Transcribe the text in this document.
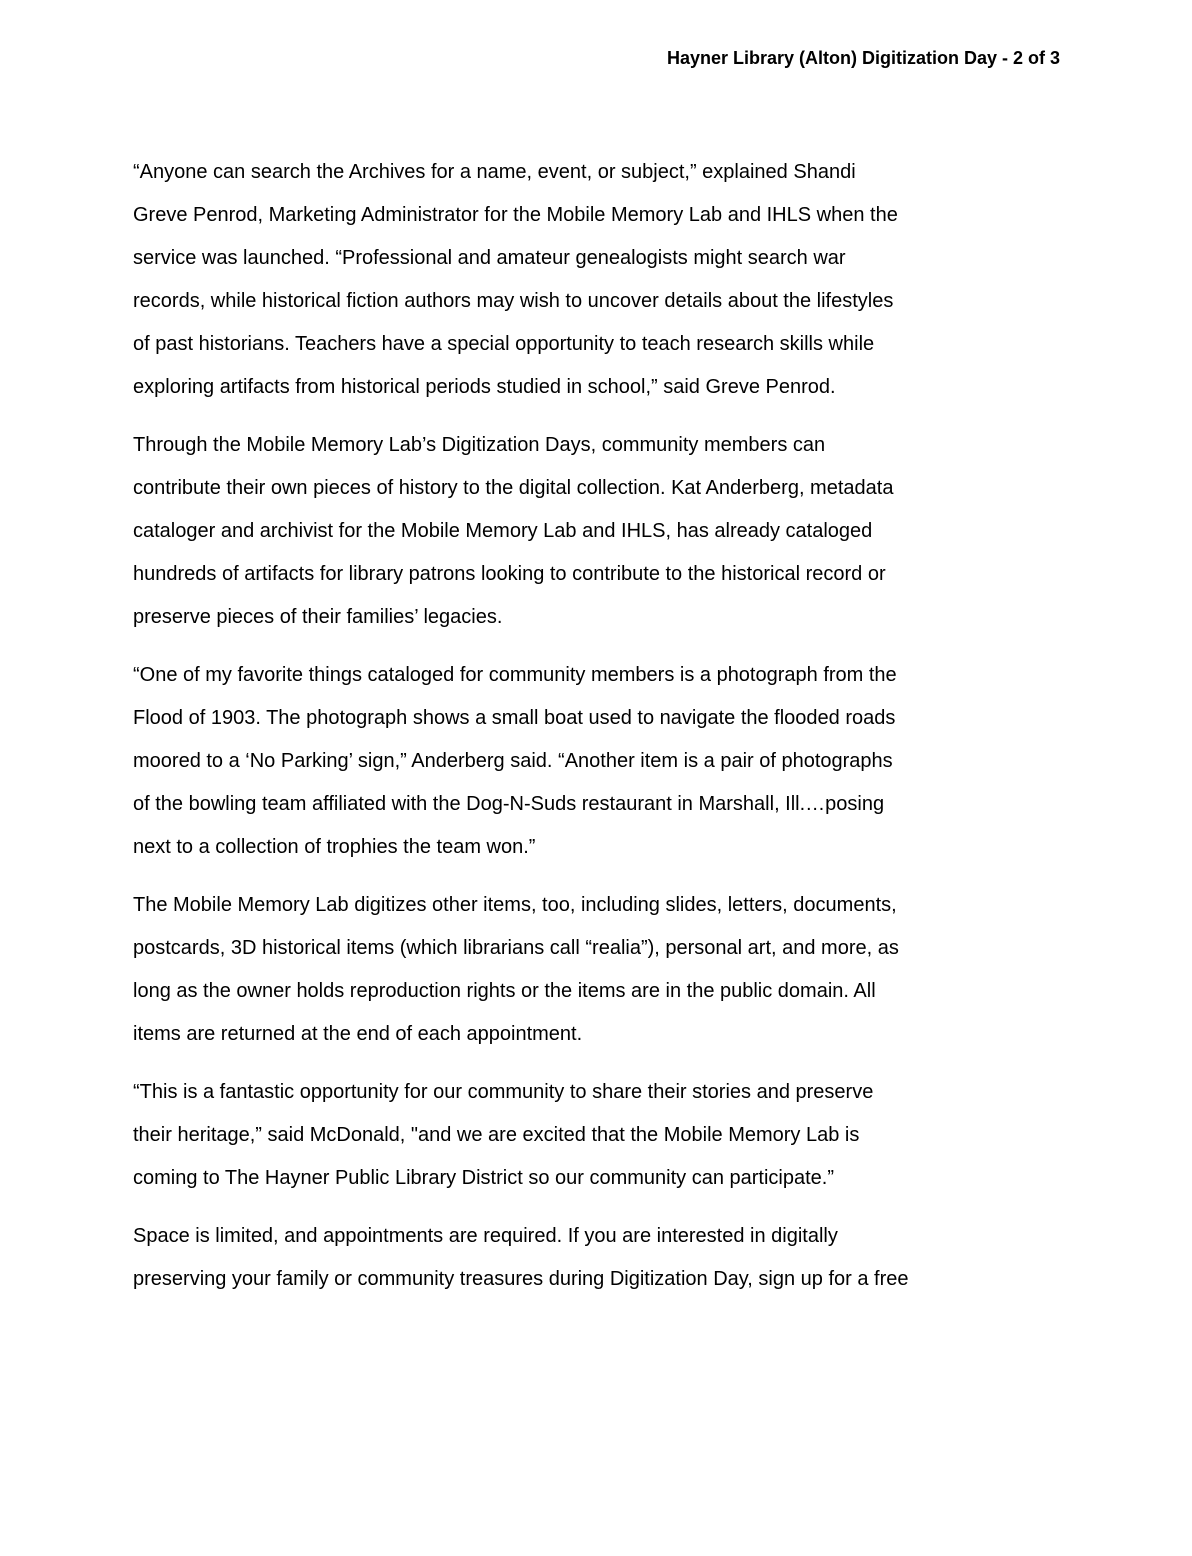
Hayner Library (Alton) Digitization Day - 2 of 3

“Anyone can search the Archives for a name, event, or subject,” explained Shandi
Greve Penrod, Marketing Administrator for the Mobile Memory Lab and IHLS when the
service was launched. “Professional and amateur genealogists might search war
records, while historical fiction authors may wish to uncover details about the lifestyles
of past historians. Teachers have a special opportunity to teach research skills while
exploring artifacts from historical periods studied in school,” said Greve Penrod.

Through the Mobile Memory Lab’s Digitization Days, community members can
contribute their own pieces of history to the digital collection. Kat Anderberg, metadata
cataloger and archivist for the Mobile Memory Lab and IHLS, has already cataloged
hundreds of artifacts for library patrons looking to contribute to the historical record or
preserve pieces of their families’ legacies.

“One of my favorite things cataloged for community members is a photograph from the
Flood of 1903. The photograph shows a small boat used to navigate the flooded roads
moored to a ‘No Parking’ sign,” Anderberg said. “Another item is a pair of photographs
of the bowling team affiliated with the Dog-N-Suds restaurant in Marshall, Ill.…posing
next to a collection of trophies the team won.”

The Mobile Memory Lab digitizes other items, too, including slides, letters, documents,
postcards, 3D historical items (which librarians call “realia”), personal art, and more, as
long as the owner holds reproduction rights or the items are in the public domain. All
items are returned at the end of each appointment.

“This is a fantastic opportunity for our community to share their stories and preserve
their heritage,” said McDonald, "and we are excited that the Mobile Memory Lab is
coming to The Hayner Public Library District so our community can participate.”

Space is limited, and appointments are required. If you are interested in digitally
preserving your family or community treasures during Digitization Day, sign up for a free
